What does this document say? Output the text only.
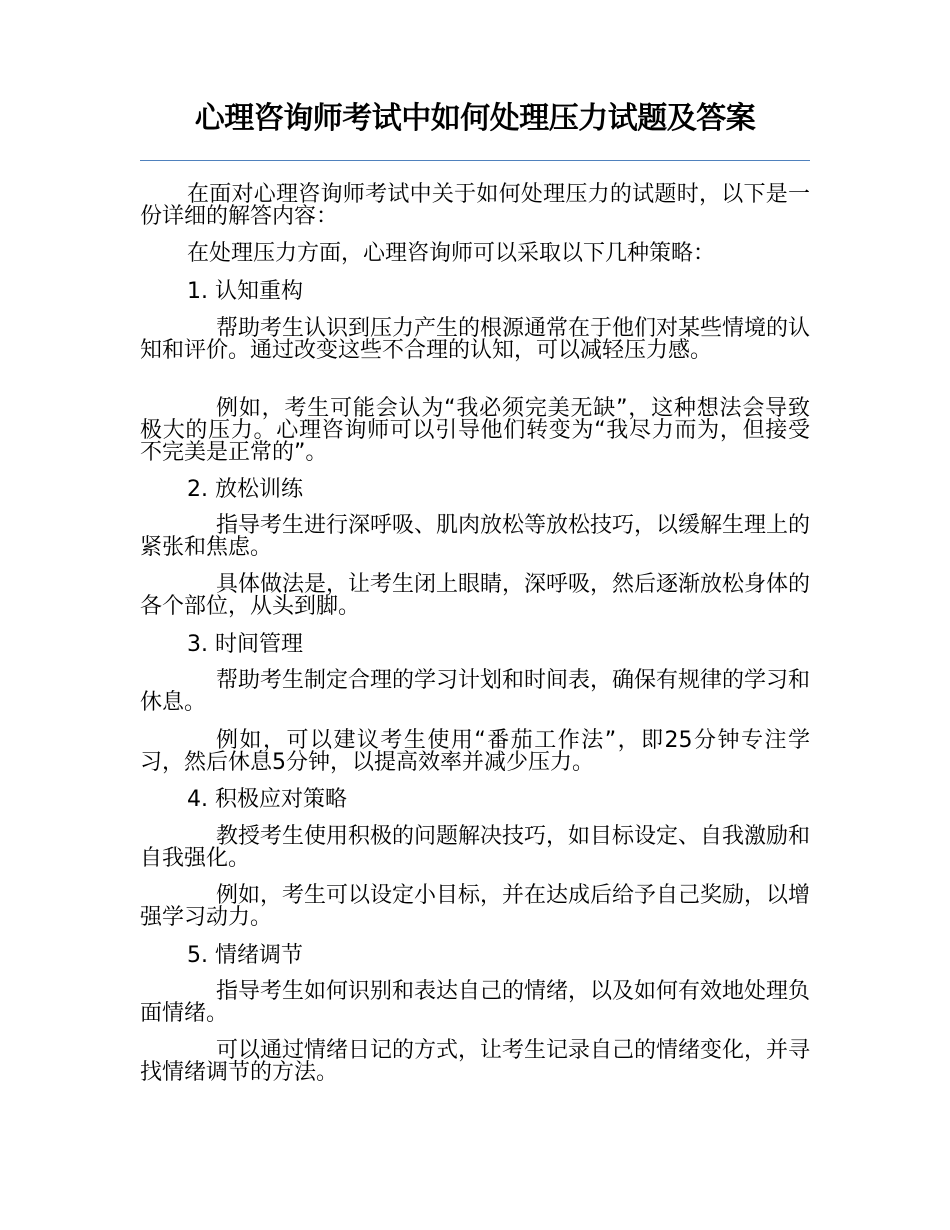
心理咨询师考试中如何处理压力试题及答案

在面对心理咨询师考试中关于如何处理压力的试题时，以下是一份详细的解答内容：

在处理压力方面，心理咨询师可以采取以下几种策略：

1. 认知重构

帮助考生认识到压力产生的根源通常在于他们对某些情境的认知和评价。通过改变这些不合理的认知，可以减轻压力感。

例如，考生可能会认为“我必须完美无缺”，这种想法会导致极大的压力。心理咨询师可以引导他们转变为“我尽力而为，但接受不完美是正常的”。

2. 放松训练

指导考生进行深呼吸、肌肉放松等放松技巧，以缓解生理上的紧张和焦虑。

具体做法是，让考生闭上眼睛，深呼吸，然后逐渐放松身体的各个部位，从头到脚。

3. 时间管理

帮助考生制定合理的学习计划和时间表，确保有规律的学习和休息。

例如，可以建议考生使用“番茄工作法”，即25分钟专注学习，然后休息5分钟，以提高效率并减少压力。

4. 积极应对策略

教授考生使用积极的问题解决技巧，如目标设定、自我激励和自我强化。

例如，考生可以设定小目标，并在达成后给予自己奖励，以增强学习动力。

5. 情绪调节

指导考生如何识别和表达自己的情绪，以及如何有效地处理负面情绪。

可以通过情绪日记的方式，让考生记录自己的情绪变化，并寻找情绪调节的方法。
